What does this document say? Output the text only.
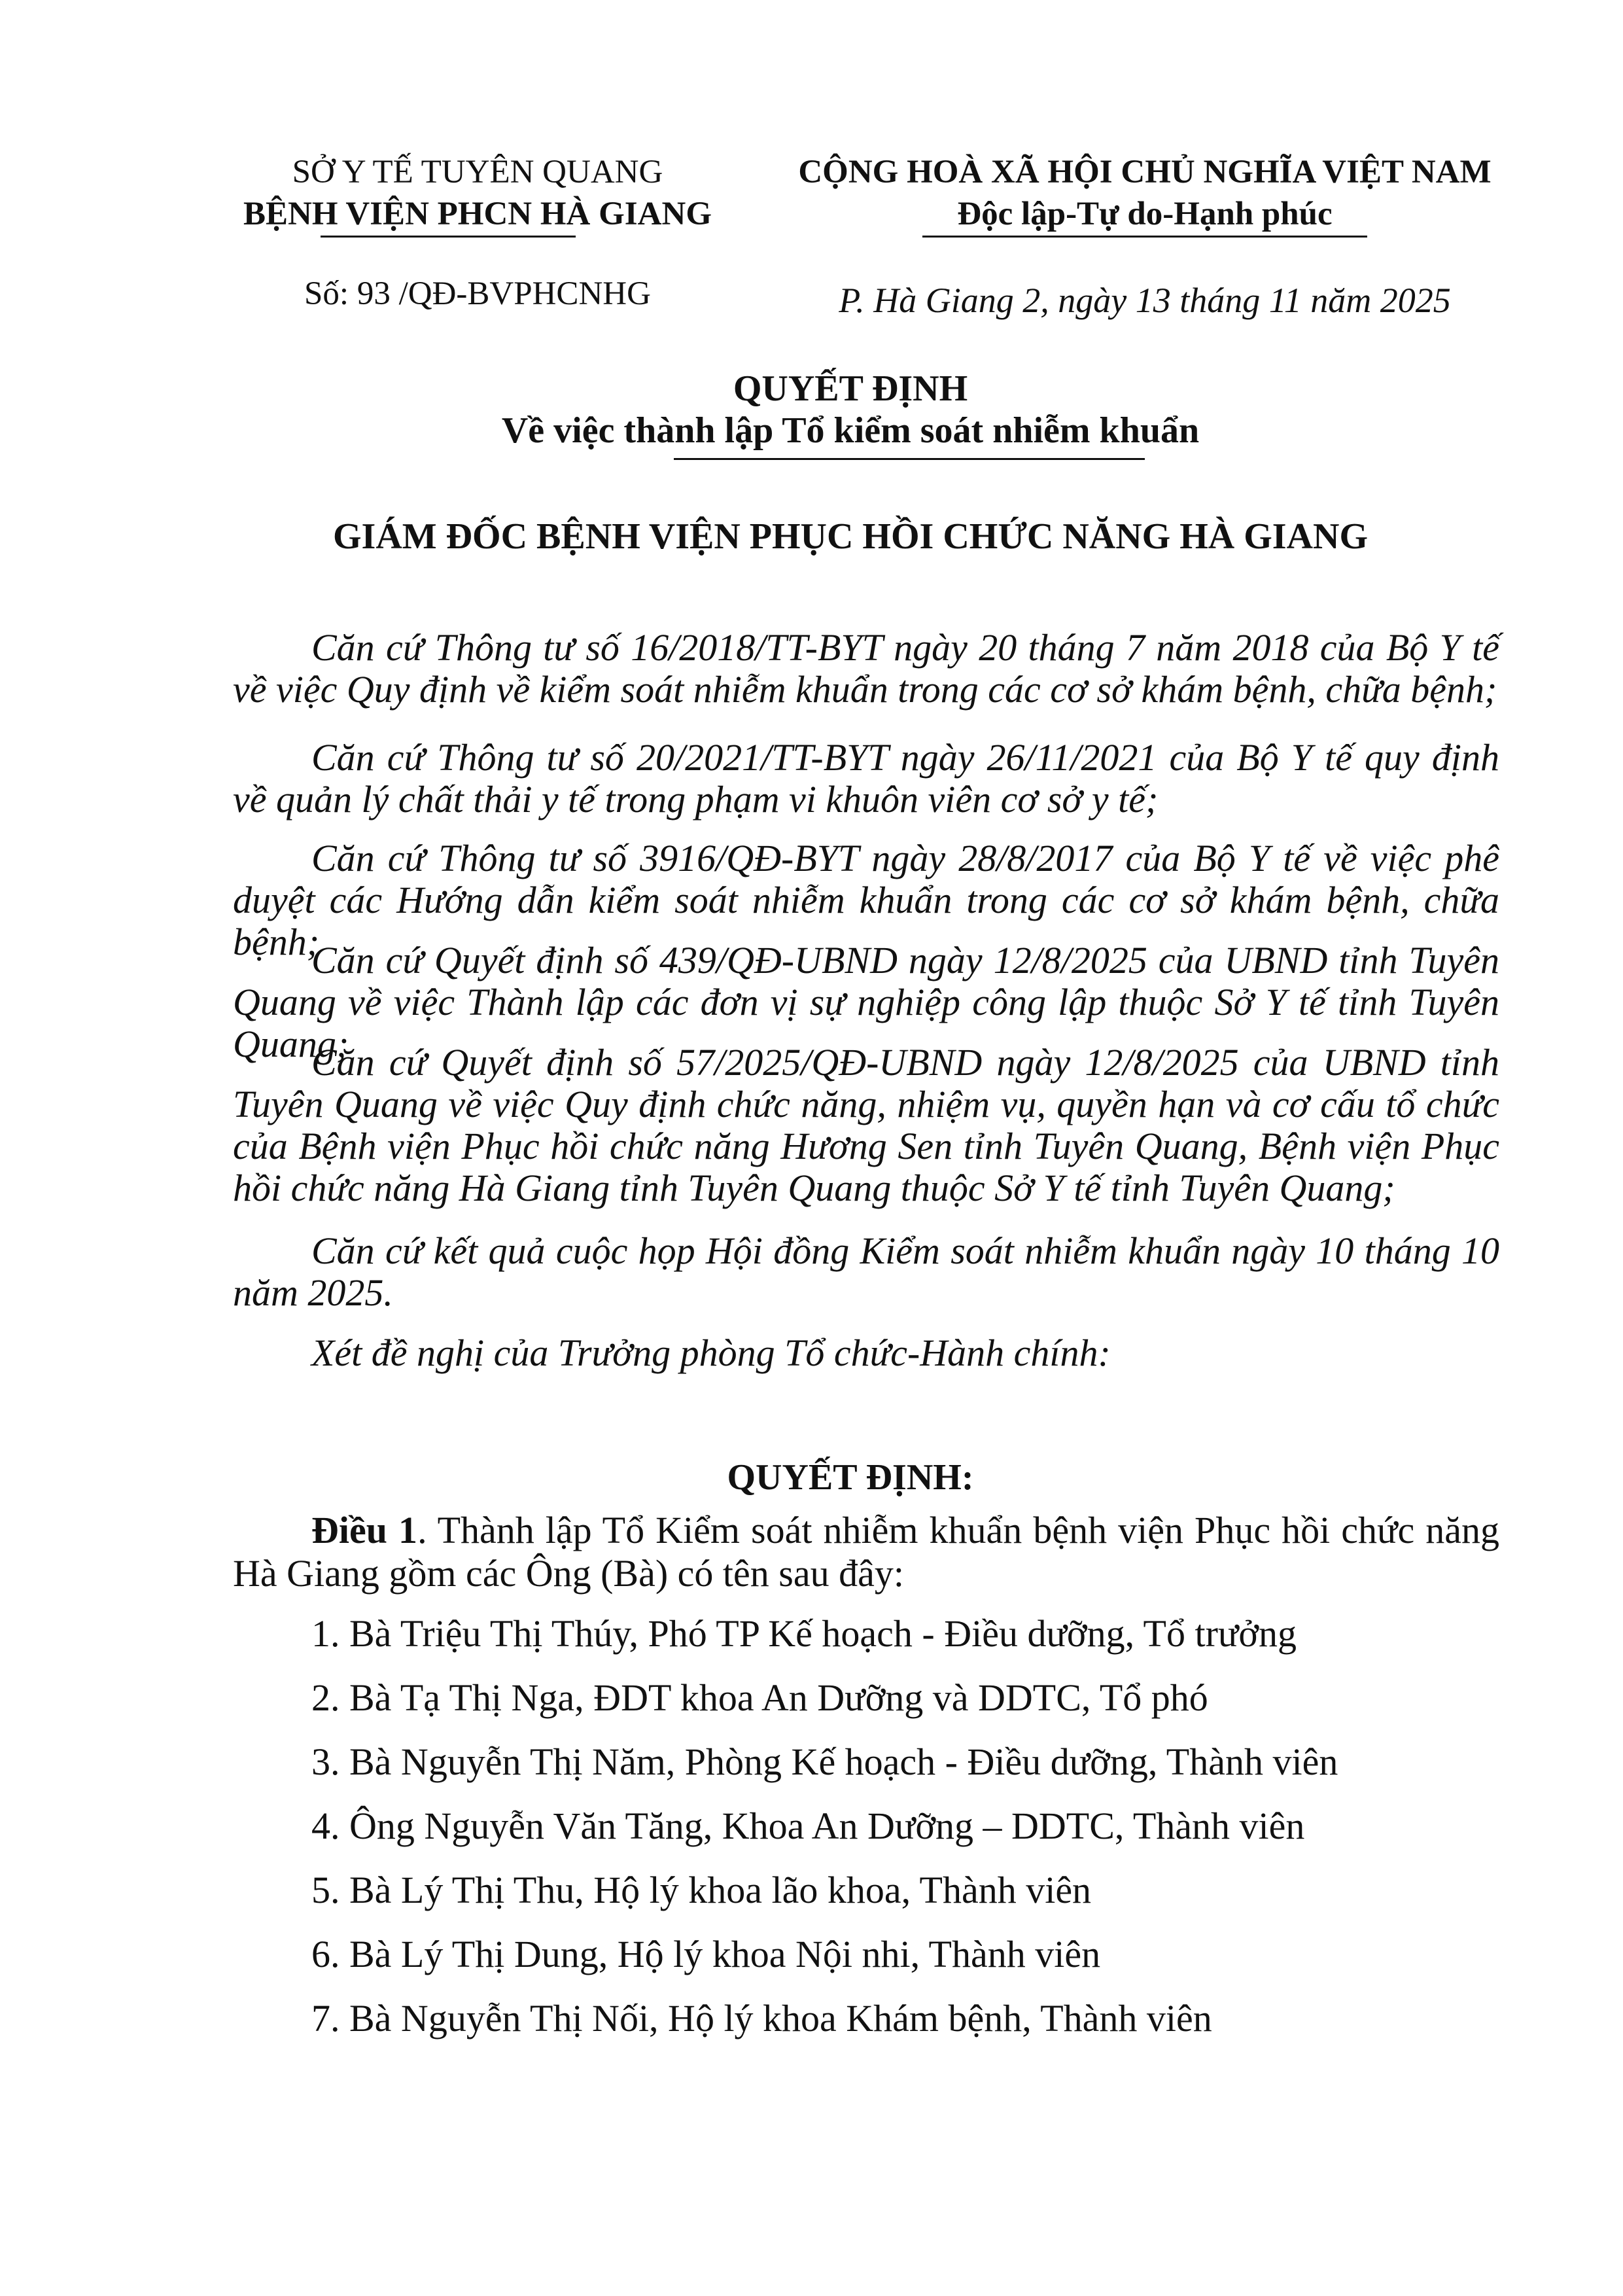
SỞ Y TẾ TUYÊN QUANG
BỆNH VIỆN PHCN HÀ GIANG
Số: 93 /QĐ-BVPHCNHG
CỘNG HOÀ XÃ HỘI CHỦ NGHĨA VIỆT NAM
Độc lập-Tự do-Hạnh phúc
P. Hà Giang 2, ngày 13 tháng 11 năm 2025
QUYẾT ĐỊNH
Về việc thành lập Tổ kiểm soát nhiễm khuẩn
GIÁM ĐỐC BỆNH VIỆN PHỤC HỒI CHỨC NĂNG HÀ GIANG
Căn cứ Thông tư số 16/2018/TT-BYT ngày 20 tháng 7 năm 2018 của Bộ Y tế về việc Quy định về kiểm soát nhiễm khuẩn trong các cơ sở khám bệnh, chữa bệnh;
Căn cứ Thông tư số 20/2021/TT-BYT ngày 26/11/2021 của Bộ Y tế quy định về quản lý chất thải y tế trong phạm vi khuôn viên cơ sở y tế;
Căn cứ Thông tư số 3916/QĐ-BYT ngày 28/8/2017 của Bộ Y tế về việc phê duyệt các Hướng dẫn kiểm soát nhiễm khuẩn trong các cơ sở khám bệnh, chữa bệnh;
Căn cứ Quyết định số 439/QĐ-UBND ngày 12/8/2025 của UBND tỉnh Tuyên Quang về việc Thành lập các đơn vị sự nghiệp công lập thuộc Sở Y tế tỉnh Tuyên Quang;
Căn cứ Quyết định số 57/2025/QĐ-UBND ngày 12/8/2025 của UBND tỉnh Tuyên Quang về việc Quy định chức năng, nhiệm vụ, quyền hạn và cơ cấu tổ chức của Bệnh viện Phục hồi chức năng Hương Sen tỉnh Tuyên Quang, Bệnh viện Phục hồi chức năng Hà Giang tỉnh Tuyên Quang thuộc Sở Y tế tỉnh Tuyên Quang;
Căn cứ kết quả cuộc họp Hội đồng Kiểm soát nhiễm khuẩn ngày 10 tháng 10 năm 2025.
Xét đề nghị của Trưởng phòng Tổ chức-Hành chính:
QUYẾT ĐỊNH:
Điều 1. Thành lập Tổ Kiểm soát nhiễm khuẩn bệnh viện Phục hồi chức năng Hà Giang gồm các Ông (Bà) có tên sau đây:
1. Bà Triệu Thị Thúy, Phó TP Kế hoạch - Điều dưỡng, Tổ trưởng
2. Bà Tạ Thị Nga, ĐDT khoa An Dưỡng và DDTC, Tổ phó
3. Bà Nguyễn Thị Năm, Phòng Kế hoạch - Điều dưỡng, Thành viên
4. Ông Nguyễn Văn Tăng, Khoa An Dưỡng – DDTC, Thành viên
5. Bà Lý Thị Thu, Hộ lý khoa lão khoa, Thành viên
6. Bà Lý Thị Dung, Hộ lý khoa Nội nhi, Thành viên
7. Bà Nguyễn Thị Nối, Hộ lý khoa Khám bệnh, Thành viên
